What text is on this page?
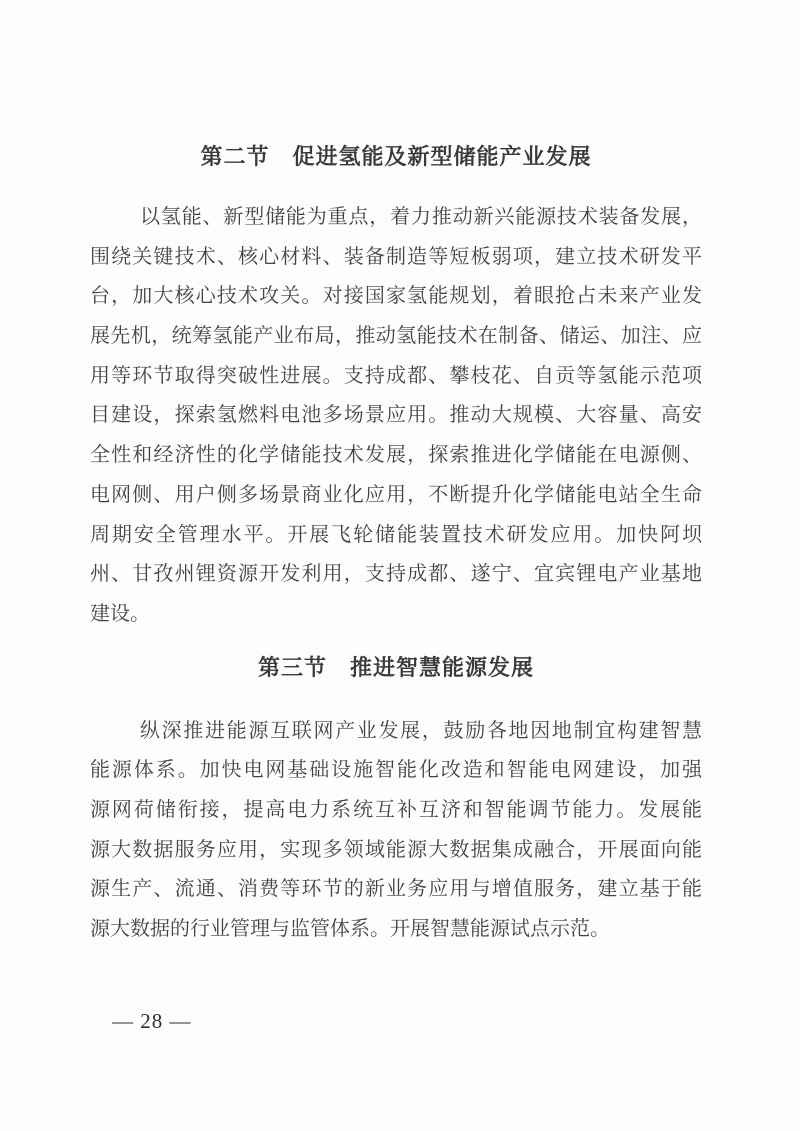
第二节　促进氢能及新型储能产业发展

以氢能、新型储能为重点，着力推动新兴能源技术装备发展，
围绕关键技术、核心材料、装备制造等短板弱项，建立技术研发平
台，加大核心技术攻关。对接国家氢能规划，着眼抢占未来产业发
展先机，统筹氢能产业布局，推动氢能技术在制备、储运、加注、应
用等环节取得突破性进展。支持成都、攀枝花、自贡等氢能示范项
目建设，探索氢燃料电池多场景应用。推动大规模、大容量、高安
全性和经济性的化学储能技术发展，探索推进化学储能在电源侧、
电网侧、用户侧多场景商业化应用，不断提升化学储能电站全生命
周期安全管理水平。开展飞轮储能装置技术研发应用。加快阿坝
州、甘孜州锂资源开发利用，支持成都、遂宁、宜宾锂电产业基地
建设。

第三节　推进智慧能源发展

纵深推进能源互联网产业发展，鼓励各地因地制宜构建智慧
能源体系。加快电网基础设施智能化改造和智能电网建设，加强
源网荷储衔接，提高电力系统互补互济和智能调节能力。发展能
源大数据服务应用，实现多领域能源大数据集成融合，开展面向能
源生产、流通、消费等环节的新业务应用与增值服务，建立基于能
源大数据的行业管理与监管体系。开展智慧能源试点示范。

— 28 —
